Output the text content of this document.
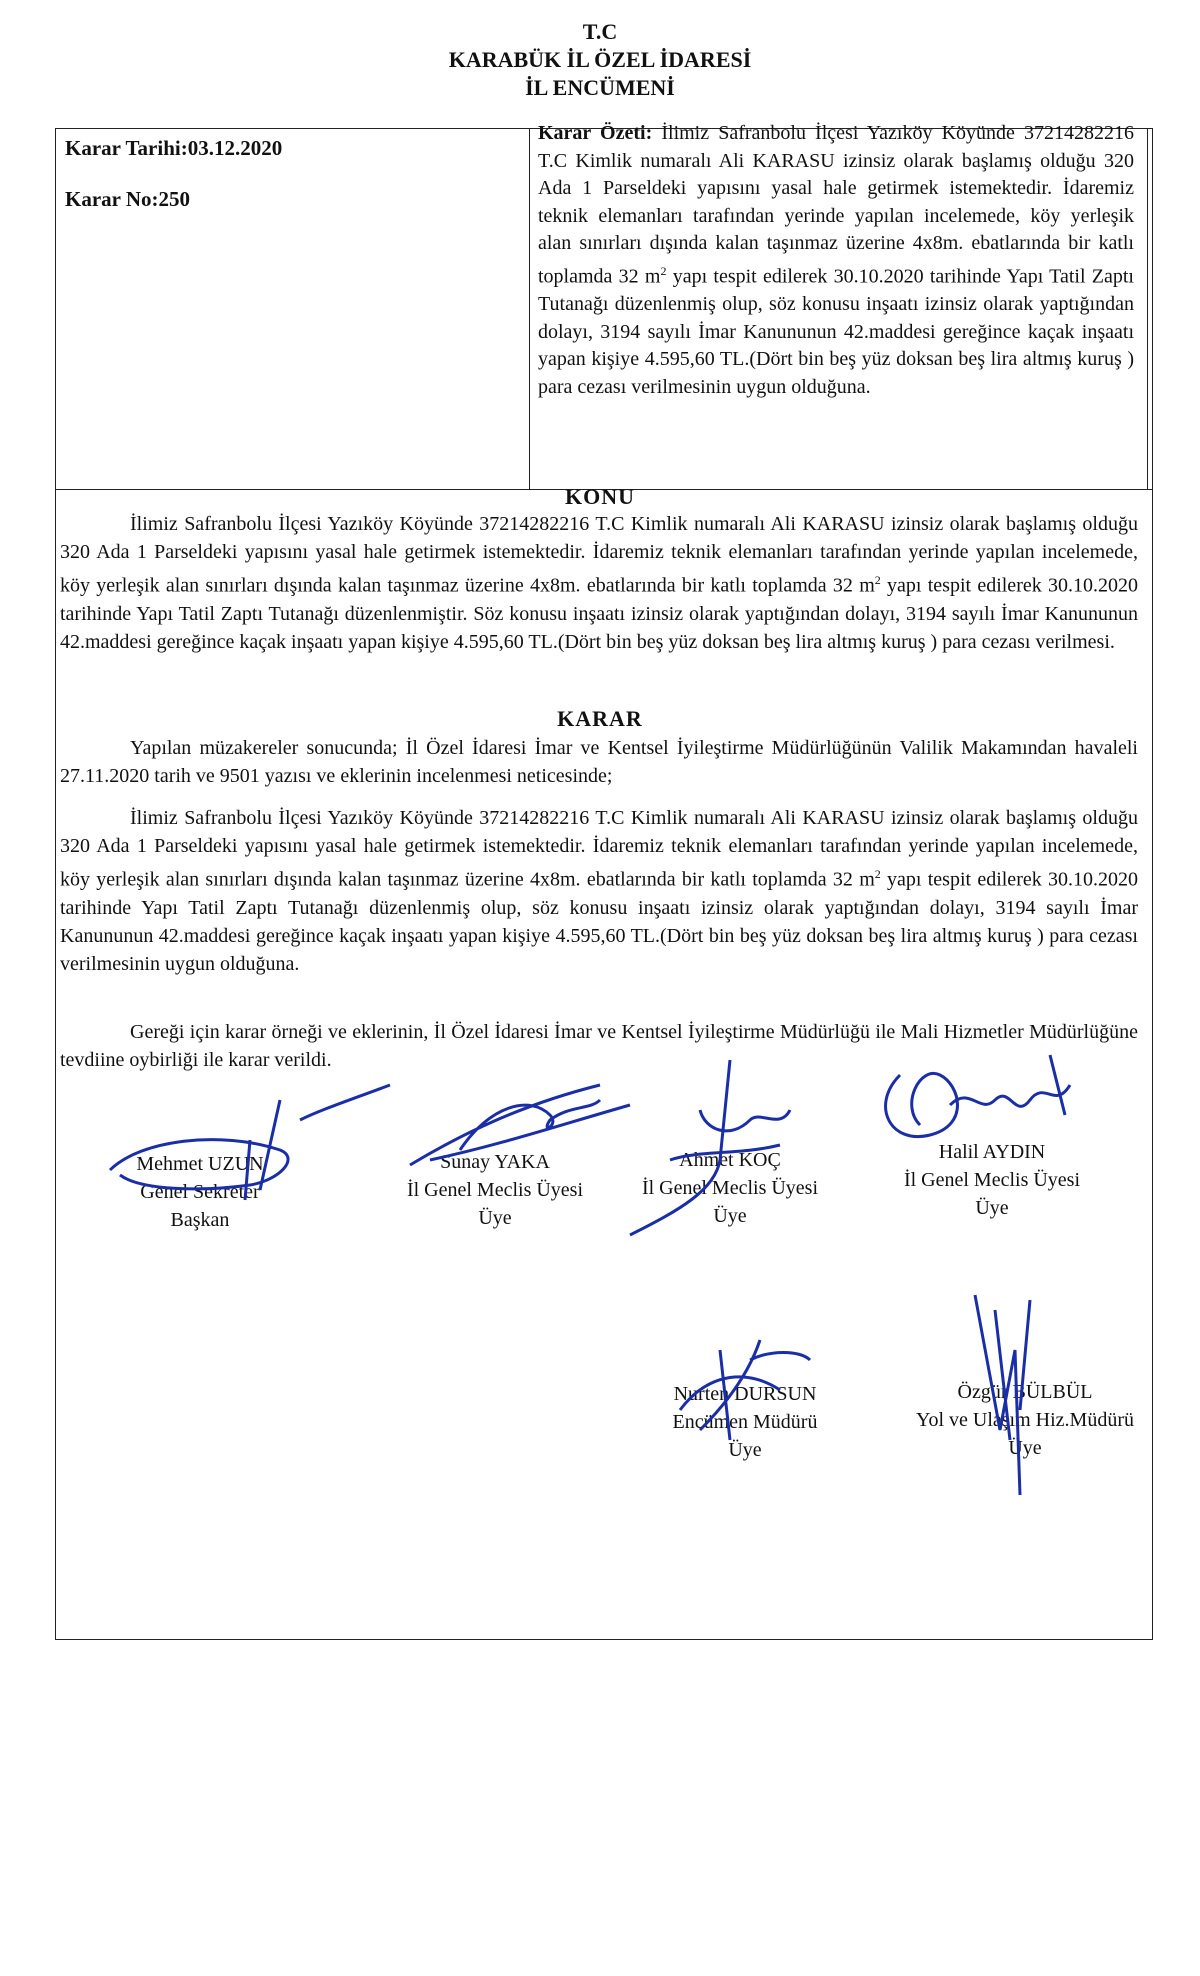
T.C
KARABÜK İL ÖZEL İDARESİ
İL ENCÜMENİ
Karar Tarihi:03.12.2020
Karar No:250
Karar Özeti: İlimiz Safranbolu İlçesi Yazıköy Köyünde 37214282216 T.C Kimlik numaralı Ali KARASU izinsiz olarak başlamış olduğu 320 Ada 1 Parseldeki yapısını yasal hale getirmek istemektedir. İdaremiz teknik elemanları tarafından yerinde yapılan incelemede, köy yerleşik alan sınırları dışında kalan taşınmaz üzerine 4x8m. ebatlarında bir katlı toplamda 32 $m^2$ yapı tespit edilerek 30.10.2020 tarihinde Yapı Tatil Zaptı Tutanağı düzenlenmiş olup, söz konusu inşaatı izinsiz olarak yaptığından dolayı, 3194 sayılı İmar Kanununun 42.maddesi gereğince kaçak inşaatı yapan kişiye 4.595,60 TL.(Dört bin beş yüz doksan beş lira altmış kuruş ) para cezası verilmesinin uygun olduğuna.
KONU
İlimiz Safranbolu İlçesi Yazıköy Köyünde 37214282216 T.C Kimlik numaralı Ali KARASU izinsiz olarak başlamış olduğu 320 Ada 1 Parseldeki yapısını yasal hale getirmek istemektedir. İdaremiz teknik elemanları tarafından yerinde yapılan incelemede, köy yerleşik alan sınırları dışında kalan taşınmaz üzerine 4x8m. ebatlarında bir katlı toplamda 32 $m^2$ yapı tespit edilerek 30.10.2020 tarihinde Yapı Tatil Zaptı Tutanağı düzenlenmiştir. Söz konusu inşaatı izinsiz olarak yaptığından dolayı, 3194 sayılı İmar Kanununun 42.maddesi gereğince kaçak inşaatı yapan kişiye 4.595,60 TL.(Dört bin beş yüz doksan beş lira altmış kuruş ) para cezası verilmesi.
KARAR
Yapılan müzakereler sonucunda; İl Özel İdaresi İmar ve Kentsel İyileştirme Müdürlüğünün Valilik Makamından havaleli 27.11.2020 tarih ve 9501 yazısı ve eklerinin incelenmesi neticesinde;
İlimiz Safranbolu İlçesi Yazıköy Köyünde 37214282216 T.C Kimlik numaralı Ali KARASU izinsiz olarak başlamış olduğu 320 Ada 1 Parseldeki yapısını yasal hale getirmek istemektedir. İdaremiz teknik elemanları tarafından yerinde yapılan incelemede, köy yerleşik alan sınırları dışında kalan taşınmaz üzerine 4x8m. ebatlarında bir katlı toplamda 32 $m^2$ yapı tespit edilerek 30.10.2020 tarihinde Yapı Tatil Zaptı Tutanağı düzenlenmiş olup, söz konusu inşaatı izinsiz olarak yaptığından dolayı, 3194 sayılı İmar Kanununun 42.maddesi gereğince kaçak inşaatı yapan kişiye 4.595,60 TL.(Dört bin beş yüz doksan beş lira altmış kuruş ) para cezası verilmesinin uygun olduğuna.
Gereği için karar örneği ve eklerinin, İl Özel İdaresi İmar ve Kentsel İyileştirme Müdürlüğü ile Mali Hizmetler Müdürlüğüne tevdiine oybirliği ile karar verildi.
Mehmet UZUN
Genel Sekreter
Başkan
Sunay YAKA
İl Genel Meclis Üyesi
Üye
Ahmet KOÇ
İl Genel Meclis Üyesi
Üye
Halil AYDIN
İl Genel Meclis Üyesi
Üye
Nurten DURSUN
Encümen Müdürü
Üye
Özgür BÜLBÜL
Yol ve Ulaşım Hiz.Müdürü
Üye
